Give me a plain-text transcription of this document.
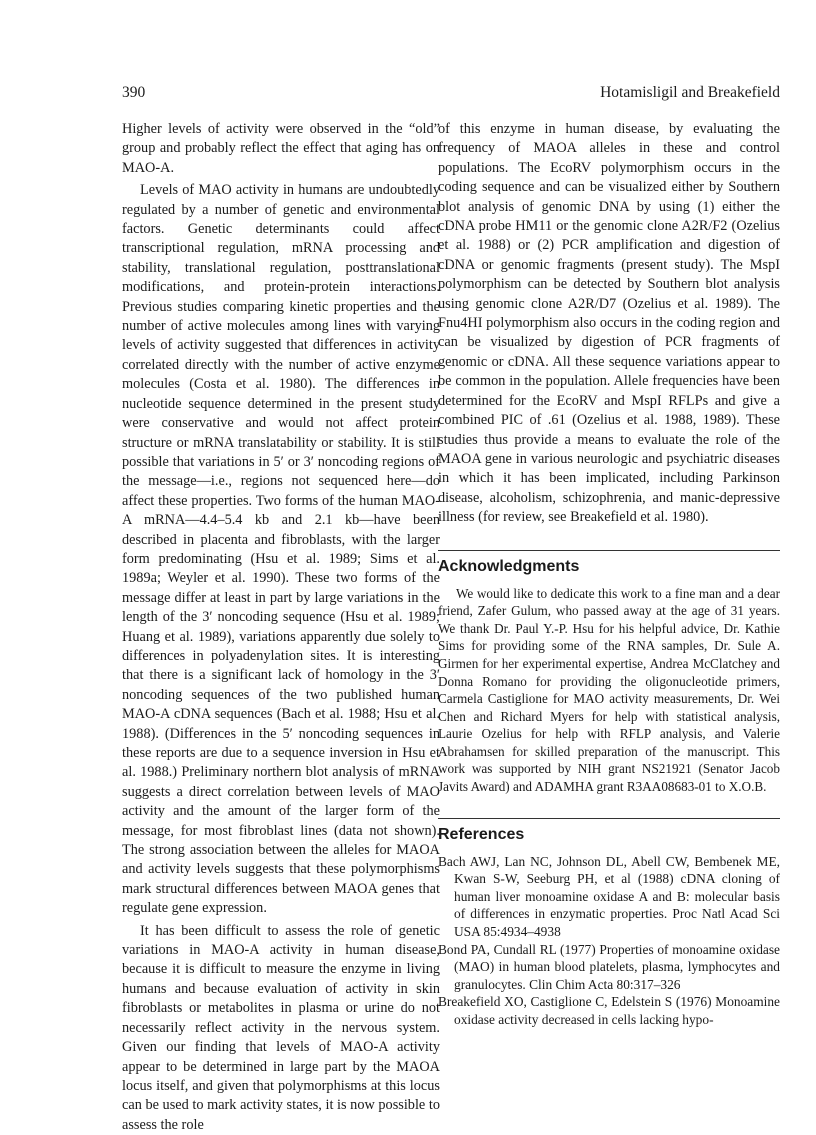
390	Hotamisligil and Breakefield

Higher levels of activity were observed in the “old” group and probably reflect the effect that aging has on MAO-A.

Levels of MAO activity in humans are undoubtedly regulated by a number of genetic and environmental factors. Genetic determinants could affect transcriptional regulation, mRNA processing and stability, translational regulation, posttranslational modifications, and protein-protein interactions. Previous studies comparing kinetic properties and the number of active molecules among lines with varying levels of activity suggested that differences in activity correlated directly with the number of active enzyme molecules (Costa et al. 1980). The differences in nucleotide sequence determined in the present study were conservative and would not affect protein structure or mRNA translatability or stability. It is still possible that variations in 5′ or 3′ noncoding regions of the message—i.e., regions not sequenced here—do affect these properties. Two forms of the human MAO-A mRNA—4.4–5.4 kb and 2.1 kb—have been described in placenta and fibroblasts, with the larger form predominating (Hsu et al. 1989; Sims et al. 1989a; Weyler et al. 1990). These two forms of the message differ at least in part by large variations in the length of the 3′ noncoding sequence (Hsu et al. 1989; Huang et al. 1989), variations apparently due solely to differences in polyadenylation sites. It is interesting that there is a significant lack of homology in the 3′ noncoding sequences of the two published human MAO-A cDNA sequences (Bach et al. 1988; Hsu et al. 1988). (Differences in the 5′ noncoding sequences in these reports are due to a sequence inversion in Hsu et al. 1988.) Preliminary northern blot analysis of mRNA suggests a direct correlation between levels of MAO activity and the amount of the larger form of the message, for most fibroblast lines (data not shown). The strong association between the alleles for MAOA and activity levels suggests that these polymorphisms mark structural differences between MAOA genes that regulate gene expression.

It has been difficult to assess the role of genetic variations in MAO-A activity in human disease, because it is difficult to measure the enzyme in living humans and because evaluation of activity in skin fibroblasts or metabolites in plasma or urine do not necessarily reflect activity in the nervous system. Given our finding that levels of MAO-A activity appear to be determined in large part by the MAOA locus itself, and given that polymorphisms at this locus can be used to mark activity states, it is now possible to assess the role

of this enzyme in human disease, by evaluating the frequency of MAOA alleles in these and control populations. The EcoRV polymorphism occurs in the coding sequence and can be visualized either by Southern blot analysis of genomic DNA by using (1) either the cDNA probe HM11 or the genomic clone A2R/F2 (Ozelius et al. 1988) or (2) PCR amplification and digestion of cDNA or genomic fragments (present study). The MspI polymorphism can be detected by Southern blot analysis using genomic clone A2R/D7 (Ozelius et al. 1989). The Fnu4HI polymorphism also occurs in the coding region and can be visualized by digestion of PCR fragments of genomic or cDNA. All these sequence variations appear to be common in the population. Allele frequencies have been determined for the EcoRV and MspI RFLPs and give a combined PIC of .61 (Ozelius et al. 1988, 1989). These studies thus provide a means to evaluate the role of the MAOA gene in various neurologic and psychiatric diseases in which it has been implicated, including Parkinson disease, alcoholism, schizophrenia, and manic-depressive illness (for review, see Breakefield et al. 1980).

Acknowledgments

We would like to dedicate this work to a fine man and a dear friend, Zafer Gulum, who passed away at the age of 31 years. We thank Dr. Paul Y.-P. Hsu for his helpful advice, Dr. Kathie Sims for providing some of the RNA samples, Dr. Sule A. Girmen for her experimental expertise, Andrea McClatchey and Donna Romano for providing the oligonucleotide primers, Carmela Castiglione for MAO activity measurements, Dr. Wei Chen and Richard Myers for help with statistical analysis, Laurie Ozelius for help with RFLP analysis, and Valerie Abrahamsen for skilled preparation of the manuscript. This work was supported by NIH grant NS21921 (Senator Jacob Javits Award) and ADAMHA grant R3AA08683-01 to X.O.B.

References

Bach AWJ, Lan NC, Johnson DL, Abell CW, Bembenek ME, Kwan S-W, Seeburg PH, et al (1988) cDNA cloning of human liver monoamine oxidase A and B: molecular basis of differences in enzymatic properties. Proc Natl Acad Sci USA 85:4934–4938

Bond PA, Cundall RL (1977) Properties of monoamine oxidase (MAO) in human blood platelets, plasma, lymphocytes and granulocytes. Clin Chim Acta 80:317–326

Breakefield XO, Castiglione C, Edelstein S (1976) Monoamine oxidase activity decreased in cells lacking hypo-
